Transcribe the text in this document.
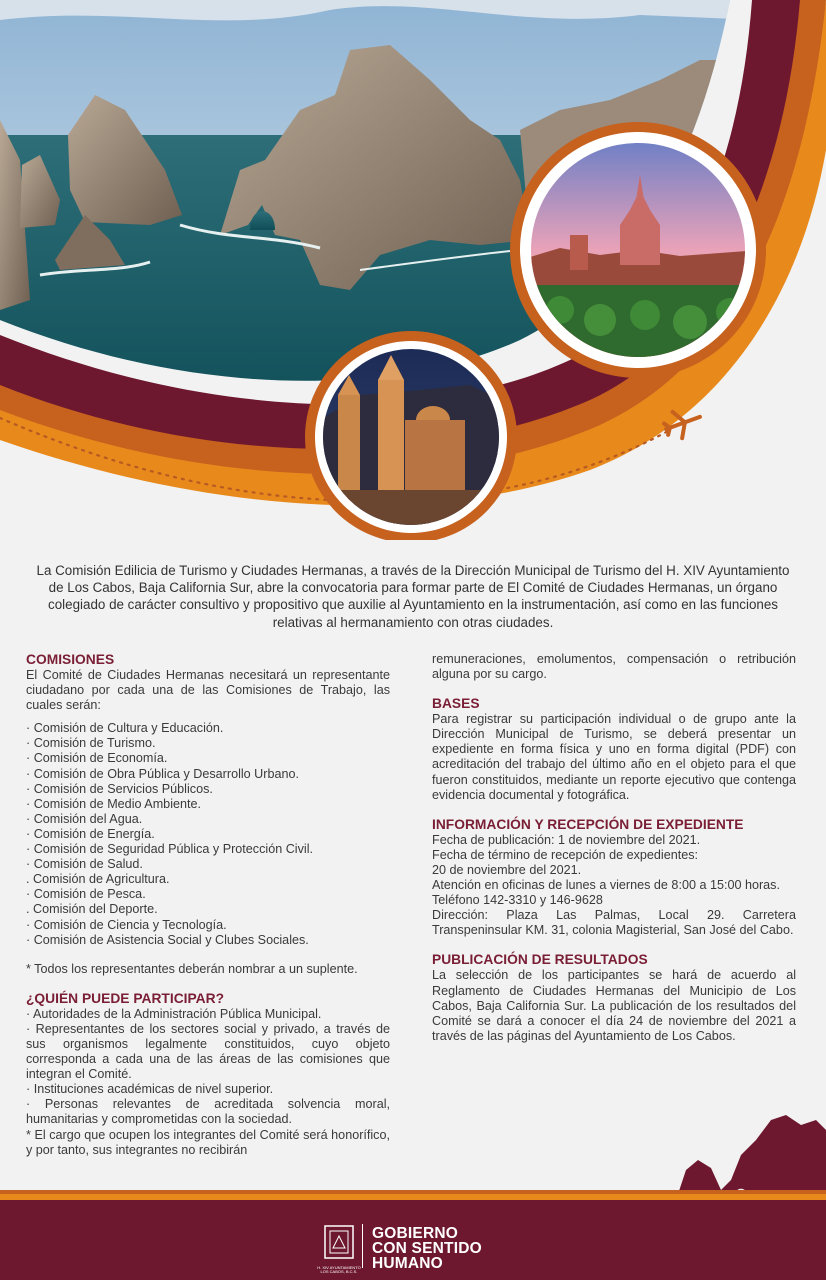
La Comisión Edilicia de Turismo y Ciudades Hermanas, a través de la Dirección Municipal de Turismo del H. XIV Ayuntamiento de Los Cabos, Baja California Sur, abre la convocatoria para formar parte de El Comité de Ciudades Hermanas, un órgano colegiado de carácter consultivo y propositivo que auxilie al Ayuntamiento en la instrumentación, así como en las funciones relativas al hermanamiento con otras ciudades.
COMISIONES

El Comité de Ciudades Hermanas necesitará un representante ciudadano por cada una de las Comisiones de Trabajo, las cuales serán:

· Comisión de Cultura y Educación.
· Comisión de Turismo.
· Comisión de Economía.
· Comisión de Obra Pública y Desarrollo Urbano.
· Comisión de Servicios Públicos.
· Comisión de Medio Ambiente.
· Comisión del Agua.
· Comisión de Energía.
· Comisión de Seguridad Pública y Protección Civil.
· Comisión de Salud.
. Comisión de Agricultura.
· Comisión de Pesca.
. Comisión del Deporte.
· Comisión de Ciencia y Tecnología.
· Comisión de Asistencia Social y Clubes Sociales.

* Todos los representantes deberán nombrar a un suplente.

¿QUIÉN PUEDE PARTICIPAR?

· Autoridades de la Administración Pública Municipal.

· Representantes de los sectores social y privado, a través de sus organismos legalmente constituidos, cuyo objeto corresponda a cada una de las áreas de las comisiones que integran el Comité.

· Instituciones académicas de nivel superior.

· Personas relevantes de acreditada solvencia moral, humanitarias y comprometidas con la sociedad.

* El cargo que ocupen los integrantes del Comité será honorífico, y por tanto, sus integrantes no recibirán

remuneraciones, emolumentos, compensación o retribución alguna por su cargo.

BASES

Para registrar su participación individual o de grupo ante la Dirección Municipal de Turismo, se deberá presentar un expediente en forma física y uno en forma digital (PDF) con acreditación del trabajo del último año en el objeto para el que fueron constituidos, mediante un reporte ejecutivo que contenga evidencia documental y fotográfica.

INFORMACIÓN Y RECEPCIÓN DE EXPEDIENTE

Fecha de publicación: 1 de noviembre del 2021.

Fecha de término de recepción de expedientes:

20 de noviembre del 2021.

Atención en oficinas de lunes a viernes de 8:00 a 15:00 horas.

Teléfono 142-3310 y 146-9628

Dirección: Plaza Las Palmas, Local 29. Carretera Transpeninsular KM. 31, colonia Magisterial, San José del Cabo.

PUBLICACIÓN DE RESULTADOS

La selección de los participantes se hará de acuerdo al Reglamento de Ciudades Hermanas del Municipio de Los Cabos, Baja California Sur. La publicación de los resultados del Comité se dará a conocer el día 24 de noviembre del 2021 a través de las páginas del Ayuntamiento de Los Cabos.

H. XIV AYUNTAMIENTO LOS CABOS, B.C.S.
GOBIERNO
CON SENTIDO
HUMANO
